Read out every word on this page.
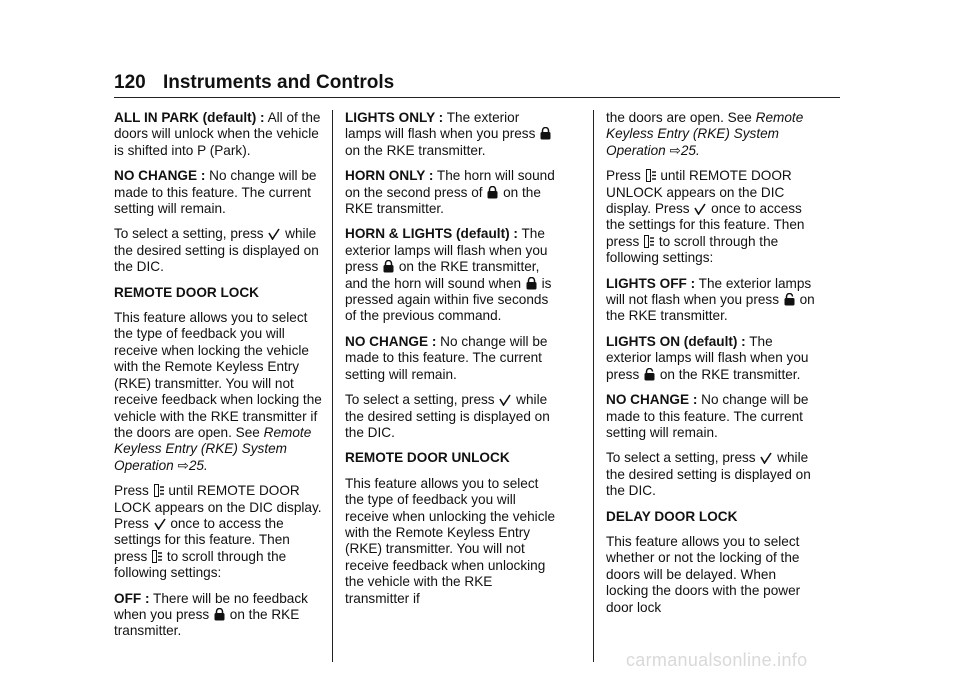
120 Instruments and Controls

ALL IN PARK (default) : All of the doors will unlock when the vehicle is shifted into P (Park).

NO CHANGE : No change will be made to this feature. The current setting will remain.

To select a setting, press while the desired setting is displayed on the DIC.

REMOTE DOOR LOCK

This feature allows you to select the type of feedback you will receive when locking the vehicle with the Remote Keyless Entry (RKE) transmitter. You will not receive feedback when locking the vehicle with the RKE transmitter if the doors are open. See Remote Keyless Entry (RKE) System Operation ⇨25.

Press until REMOTE DOOR LOCK appears on the DIC display. Press once to access the settings for this feature. Then press to scroll through the following settings:

OFF : There will be no feedback when you press on the RKE transmitter.

LIGHTS ONLY : The exterior lamps will flash when you press  on the RKE transmitter.

HORN ONLY : The horn will sound on the second press of on the RKE transmitter.

HORN & LIGHTS (default) : The exterior lamps will flash when you press on the RKE transmitter, and the horn will sound when is pressed again within five seconds of the previous command.

NO CHANGE : No change will be made to this feature. The current setting will remain.

To select a setting, press while the desired setting is displayed on the DIC.

REMOTE DOOR UNLOCK

This feature allows you to select the type of feedback you will receive when unlocking the vehicle with the Remote Keyless Entry (RKE) transmitter. You will not receive feedback when unlocking the vehicle with the RKE transmitter if

the doors are open. See Remote Keyless Entry (RKE) System Operation ⇨25.

Press until REMOTE DOOR UNLOCK appears on the DIC display. Press once to access the settings for this feature. Then press to scroll through the following settings:

LIGHTS OFF : The exterior lamps will not flash when you press on the RKE transmitter.

LIGHTS ON (default) : The exterior lamps will flash when you press on the RKE transmitter.

NO CHANGE : No change will be made to this feature. The current setting will remain.

To select a setting, press while the desired setting is displayed on the DIC.

DELAY DOOR LOCK

This feature allows you to select whether or not the locking of the doors will be delayed. When locking the doors with the power door lock

carmanualsonline.info
